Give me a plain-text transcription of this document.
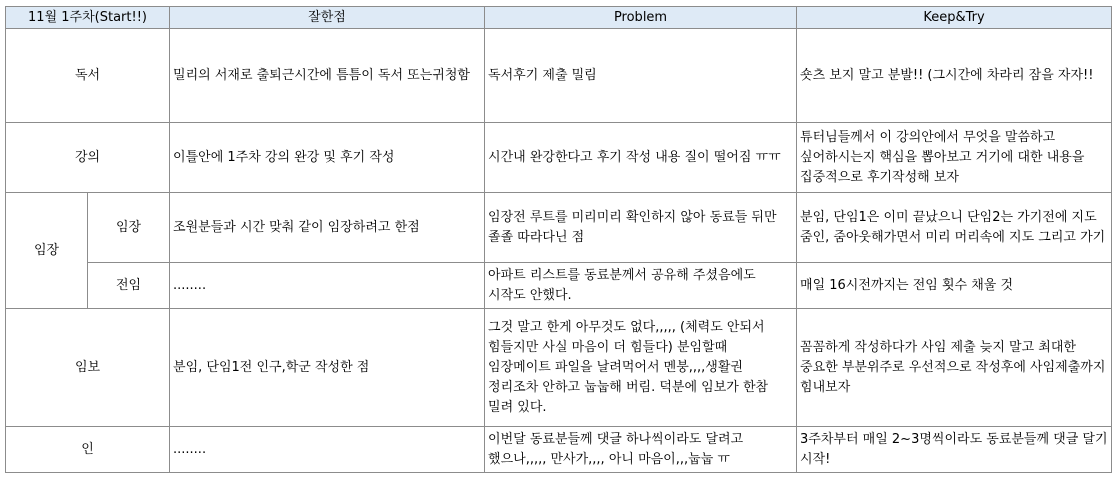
11월 1주차(Start!!)		잘한점	Problem	Keep&Try
독서		밀리의 서재로 출퇴근시간에 틈틈이 독서 또는귀청함	독서후기 제출 밀림	숏츠 보지 말고 분발!! (그시간에 차라리 잠을 자자!!
강의		이틀안에 1주차 강의 완강 및 후기 작성	시간내 완강한다고 후기 작성 내용 질이 떨어짐 ㅠㅠ	튜터님들께서 이 강의안에서 무엇을 말씀하고 싶어하시는지 핵심을 뽑아보고 거기에 대한 내용을 집중적으로 후기작성해 보자
임장	임장	조원분들과 시간 맞춰 같이 임장하려고 한점	임장전 루트를 미리미리 확인하지 않아 동료들 뒤만 졸졸 따라다닌 점	분임, 단임1은 이미 끝났으니 단임2는 가기전에 지도 줌인, 줌아웃해가면서 미리 머리속에 지도 그리고 가기
	전임	........	아파트 리스트를 동료분께서 공유해 주셨음에도 시작도 안했다.	매일 16시전까지는 전임 횟수 채울 것
임보		분임, 단임1전 인구,학군 작성한 점	그것 말고 한게 아무것도 없다,,,,, (체력도 안되서 힘들지만 사실 마음이 더 힘들다) 분임할때 임장메이트 파일을 날려먹어서 멘붕,,,,생활권 정리조차 안하고 눕눕해 버림. 덕분에 임보가 한참 밀려 있다.	꼼꼼하게 작성하다가 사임 제출 늦지 말고 최대한 중요한 부분위주로 우선적으로 작성후에 사임제출까지 힘내보자
인		........	이번달 동료분들께 댓글 하나씩이라도 달려고 했으나,,,,, 만사가,,,, 아니 마음이,,,눕눕 ㅠ	3주차부터 매일 2~3명씩이라도 동료분들께 댓글 달기 시작!
